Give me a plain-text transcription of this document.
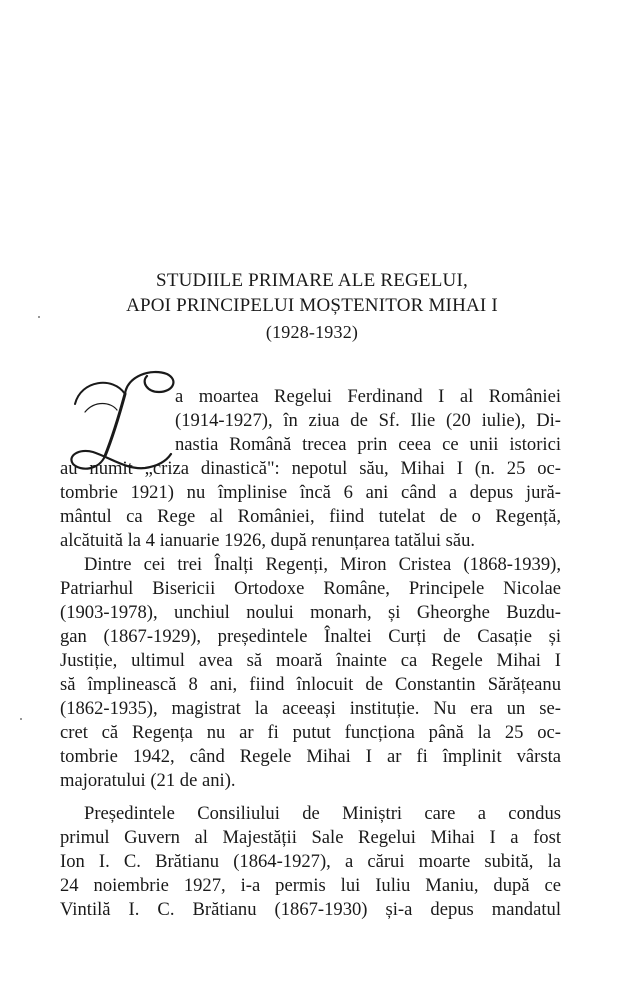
STUDIILE PRIMARE ALE REGELUI,
APOI PRINCIPELUI MOȘTENITOR MIHAI I
(1928-1932)
a moartea Regelui Ferdinand I al României
(1914-1927), în ziua de Sf. Ilie (20 iulie), Di-
nastia Română trecea prin ceea ce unii istorici
au numit „criza dinastică": nepotul său, Mihai I (n. 25 oc-
tombrie 1921) nu împlinise încă 6 ani când a depus jură-
mântul ca Rege al României, fiind tutelat de o Regență,
alcătuită la 4 ianuarie 1926, după renunțarea tatălui său.
Dintre cei trei Înalți Regenți, Miron Cristea (1868-1939),
Patriarhul Bisericii Ortodoxe Române, Principele Nicolae
(1903-1978), unchiul noului monarh, și Gheorghe Buzdu-
gan (1867-1929), președintele Înaltei Curți de Casație și
Justiție, ultimul avea să moară înainte ca Regele Mihai I
să împlinească 8 ani, fiind înlocuit de Constantin Sărățeanu
(1862-1935), magistrat la aceeași instituție. Nu era un se-
cret că Regența nu ar fi putut funcționa până la 25 oc-
tombrie 1942, când Regele Mihai I ar fi împlinit vârsta
majoratului (21 de ani).
Președintele Consiliului de Miniștri care a condus
primul Guvern al Majestății Sale Regelui Mihai I a fost
Ion I. C. Brătianu (1864-1927), a cărui moarte subită, la
24 noiembrie 1927, i-a permis lui Iuliu Maniu, după ce
Vintilă I. C. Brătianu (1867-1930) și-a depus mandatul
